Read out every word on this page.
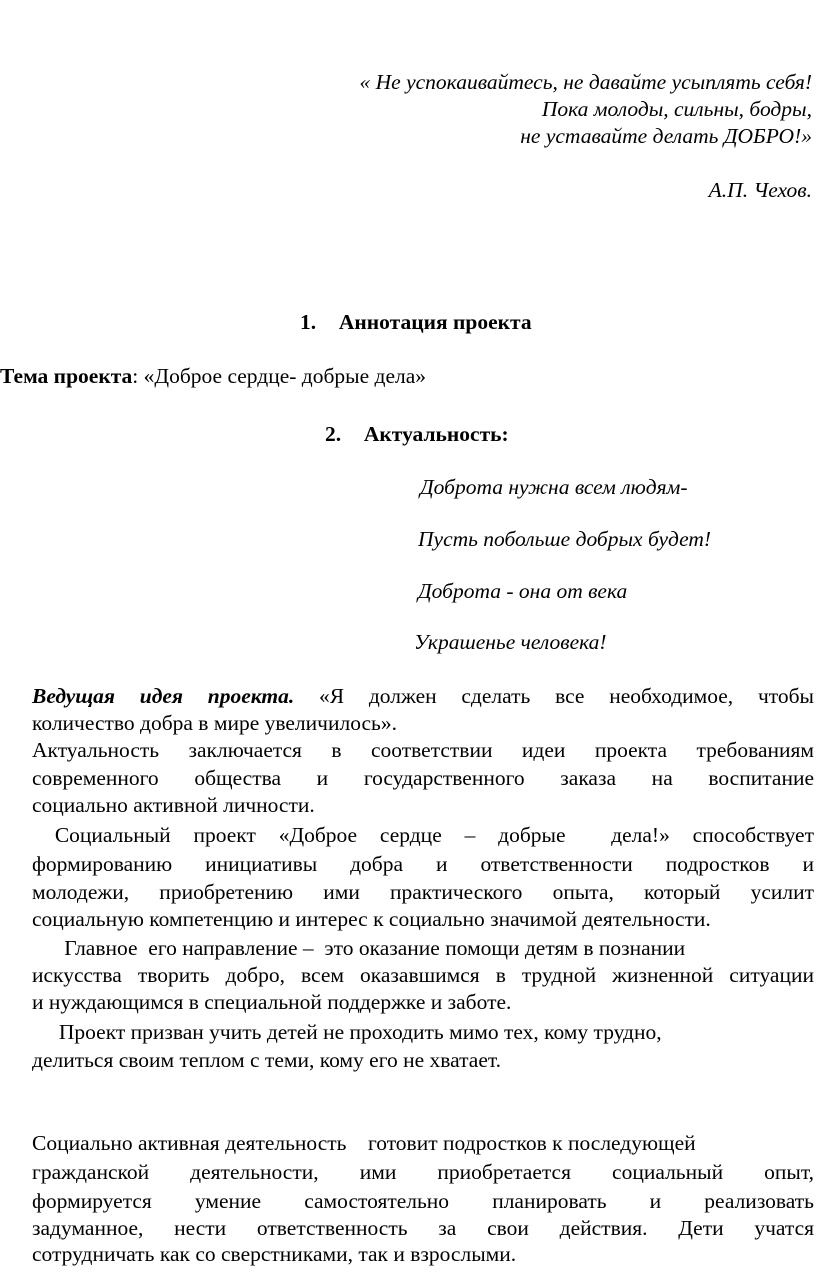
« Не успокаивайтесь, не давайте усыплять себя!
Пока молоды, сильны, бодры,
не уставайте делать ДОБРО!»
А.П. Чехов.
1. Аннотация проекта
Тема проекта: «Доброе сердце- добрые дела»
2. Актуальность:
Доброта нужна всем людям-
Пусть побольше добрых будет!
Доброта - она от века
Украшенье человека!
Ведущая идея проекта. «Я должен сделать все необходимое, чтобы
количество добра в мире увеличилось».
Актуальность заключается в соответствии идеи проекта требованиям
современного общества и государственного заказа на воспитание
социально активной личности.
Социальный проект «Доброе сердце – добрые  дела!» способствует
формированию инициативы добра и ответственности подростков и
молодежи, приобретению ими практического опыта, который усилит
социальную компетенцию и интерес к социально значимой деятельности.
Главное  его направление –  это оказание помощи детям в познании
искусства творить добро, всем оказавшимся в трудной жизненной ситуации
и нуждающимся в специальной поддержке и заботе.
Проект призван учить детей не проходить мимо тех, кому трудно,
делиться своим теплом с теми, кому его не хватает.
Социально активная деятельность    готовит подростков к последующей
гражданской деятельности, ими приобретается социальный опыт,
формируется умение самостоятельно планировать и реализовать
задуманное, нести ответственность за свои действия. Дети учатся
сотрудничать как со сверстниками, так и взрослыми.
